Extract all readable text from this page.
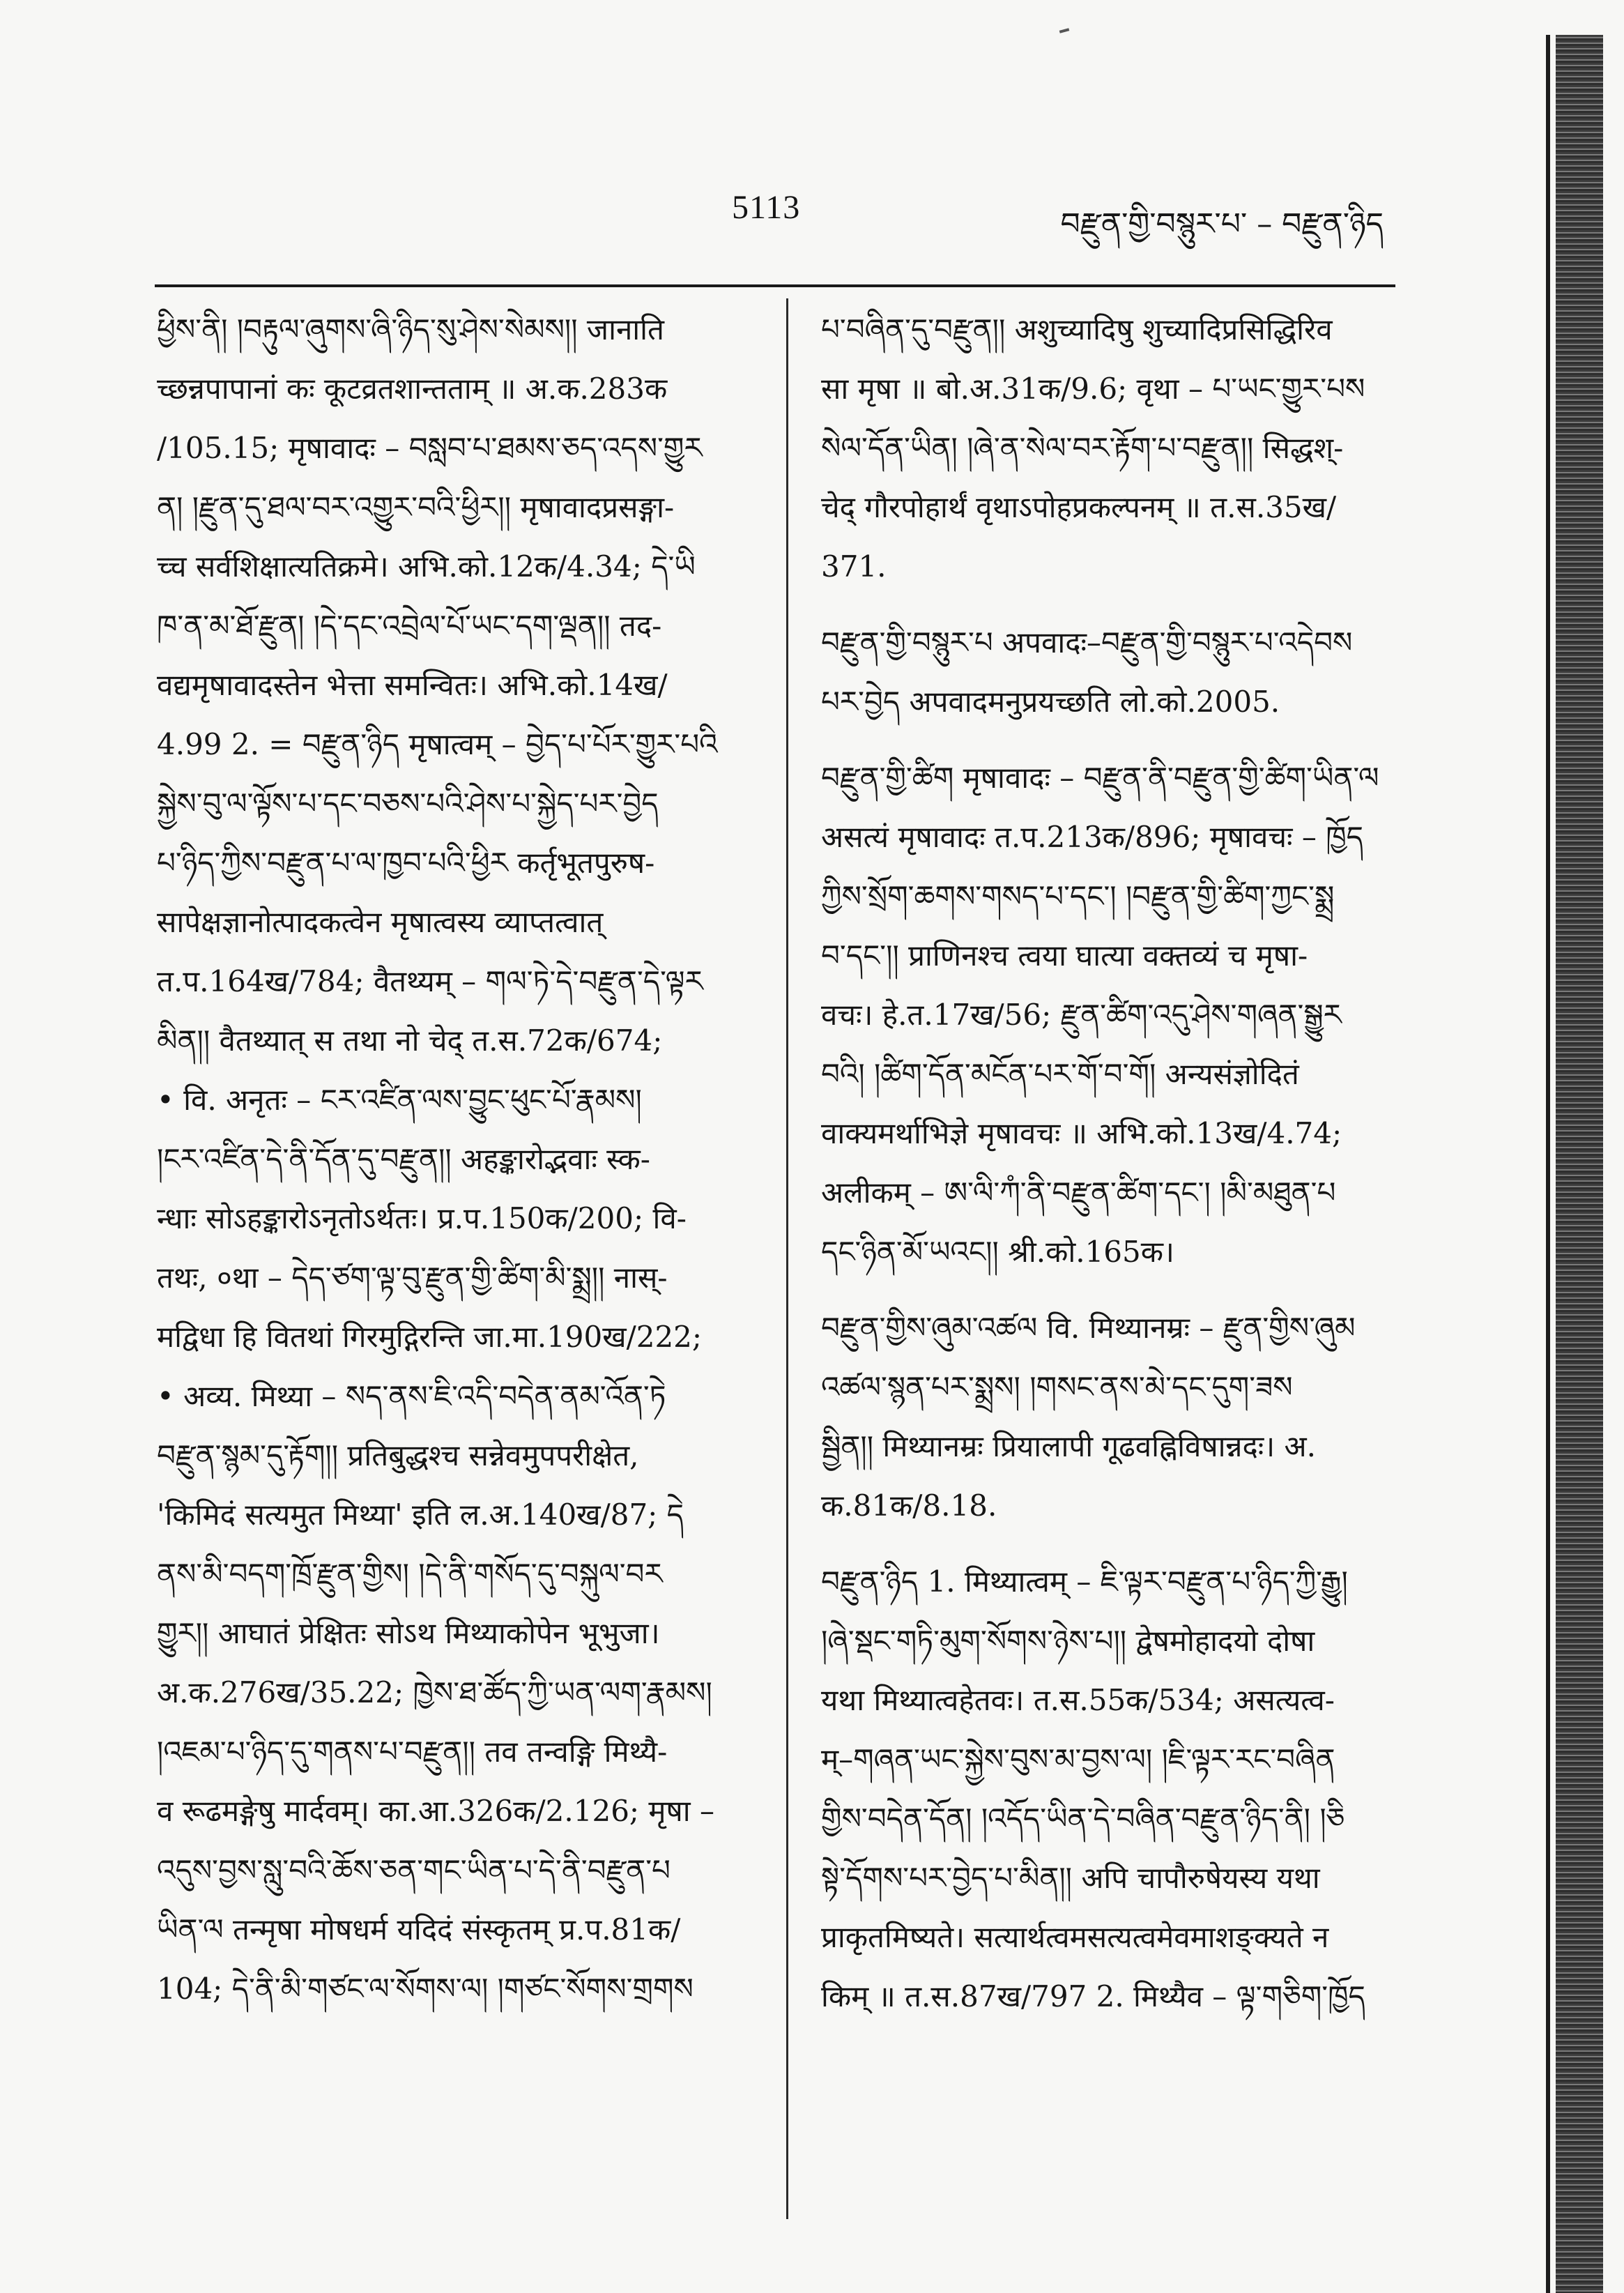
5113	བརྫུན་གྱི་བསྙུར་པ་ – བརྫུན་ཉིད
ཕྱིས་ནི། །བརྟུལ་ཞུགས་ཞི་ཉིད་སུ་ཤེས་སེམས།། जानाति
च्छन्नपापानां कः कूटव्रतशान्तताम् ॥ अ.क.283क
/105.15; मृषावादः – བསླབ་པ་ཐམས་ཅད་འདས་གྱུར
ན། །རྫུན་དུ་ཐལ་བར་འགྱུར་བའི་ཕྱིར།། मृषावादप्रसङ्गा-
च्च सर्वशिक्षात्यतिक्रमे। अभि.को.12क/4.34; དེ་ཡི
ཁ་ན་མ་ཐོ་རྫུན། །དེ་དང་འབྲེལ་པོ་ཡང་དག་ལྡན།། तद-
वद्यमृषावादस्तेन भेत्ता समन्वितः। अभि.को.14ख/
4.99 2. = བརྫུན་ཉིད मृषात्वम् – བྱེད་པ་པོར་གྱུར་པའི
སྐྱེས་བུ་ལ་ལྟོས་པ་དང་བཅས་པའི་ཤེས་པ་སྐྱེད་པར་བྱེད
པ་ཉིད་ཀྱིས་བརྫུན་པ་ལ་ཁྱབ་པའི་ཕྱིར कर्तृभूतपुरुष-
सापेक्षज्ञानोत्पादकत्वेन मृषात्वस्य व्याप्तत्वात्
त.प.164ख/784; वैतथ्यम् – གལ་ཏེ་དེ་བརྫུན་དེ་ལྟར
མིན།། वैतथ्यात् स तथा नो चेद् त.स.72क/674;
• वि. अनृतः – ངར་འཛིན་ལས་བྱུང་ཕུང་པོ་རྣམས།
།ངར་འཛིན་དེ་ནི་དོན་དུ་བརྫུན།། अहङ्कारोद्भवाः स्क-
न्धाः सोऽहङ्कारोऽनृतोऽर्थतः। प्र.प.150क/200; वि-
तथः, ०था – དེད་ཙག་ལྟ་བུ་རྫུན་གྱི་ཚིག་མི་སྨྲ།། नास्-
मद्विधा हि वितथां गिरमुद्गिरन्ति जा.मा.190ख/222;
• अव्य. मिथ्या – སད་ནས་ཇི་འདི་བདེན་ནམ་འོན་ཏེ
བརྫུན་སྙམ་དུ་རྟོག།། प्रतिबुद्धश्च सन्नेवमुपपरीक्षेत,
'किमिदं सत्यमुत मिथ्या' इति ल.अ.140ख/87; དེ
ནས་མི་བདག་ཁྲོ་རྫུན་གྱིས། །དེ་ནི་གསོད་དུ་བསྐུལ་བར
གྱུར།། आघातं प्रेक्षितः सोऽथ मिथ्याकोपेन भूभुजा।
अ.क.276ख/35.22; ཁྱེས་ཐ་ཚོད་ཀྱི་ཡན་ལག་རྣམས།
།འཇམ་པ་ཉིད་དུ་གནས་པ་བརྫུན།། तव तन्वङ्गि मिथ्यै-
व रूढमङ्गेषु मार्दवम्। का.आ.326क/2.126; मृषा –
འདུས་བྱས་སླུ་བའི་ཆོས་ཅན་གང་ཡིན་པ་དེ་ནི་བརྫུན་པ
ཡིན་ལ तन्मृषा मोषधर्म यदिदं संस्कृतम् प्र.प.81क/
104; དེ་ནི་མི་གཙང་ལ་སོགས་ལ། །གཙང་སོགས་གྲགས
པ་བཞིན་དུ་བརྫུན།། अशुच्यादिषु शुच्यादिप्रसिद्धिरिव
सा मृषा ॥ बो.अ.31क/9.6; वृथा – པ་ཡང་གྱུར་པས
སེལ་དོན་ཡིན། །ཞེ་ན་སེལ་བར་རྟོག་པ་བརྫུན།། सिद्धश्-
चेद् गौरपोहार्थं वृथाऽपोहप्रकल्पनम् ॥ त.स.35ख/
371.
བརྫུན་གྱི་བསྙུར་པ अपवादः–བརྫུན་གྱི་བསྙུར་པ་འདེབས
པར་བྱེད अपवादमनुप्रयच्छति लो.को.2005.
བརྫུན་གྱི་ཚིག मृषावादः – བརྫུན་ནི་བརྫུན་གྱི་ཚིག་ཡིན་ལ
असत्यं मृषावादः त.प.213क/896; मृषावचः – ཁྱོད
ཀྱིས་སྲོག་ཆགས་གསད་པ་དང་། །བརྫུན་གྱི་ཚིག་ཀྱང་སྨྲ
བ་དང་།། प्राणिनश्च त्वया घात्या वक्तव्यं च मृषा-
वचः। हे.त.17ख/56; རྫུན་ཚིག་འདུ་ཤེས་གཞན་སྒྱུར
བའི། །ཚིག་དོན་མངོན་པར་གོ་བ་གོ། अन्यसंज्ञोदितं
वाक्यमर्थाभिज्ञे मृषावचः ॥ अभि.को.13ख/4.74;
अलीकम् – ཨ་ལི་ཀཾ་ནི་བརྫུན་ཚིག་དང་། །མི་མཐུན་པ
དང་ཉིན་མོ་ཡའང།། श्री.को.165क।
བརྫུན་གྱིས་ཞུམ་འཚལ वि. मिथ्यानम्रः – རྫུན་གྱིས་ཞུམ
འཚལ་སྙན་པར་སྨྲས། །གསང་ནས་མེ་དང་དུག་ཟས
སྦྱིན།། मिथ्यानम्रः प्रियालापी गूढवह्निविषान्नदः। अ.
क.81क/8.18.
བརྫུན་ཉིད 1. मिथ्यात्वम् – ཇི་ལྟར་བརྫུན་པ་ཉིད་ཀྱི་རྒྱུ།
།ཞེ་སྡང་གཏི་མུག་སོགས་ཉེས་པ།། द्वेषमोहादयो दोषा
यथा मिथ्यात्वहेतवः। त.स.55क/534; असत्यत्व-
म्–གཞན་ཡང་སྐྱེས་བུས་མ་བྱས་ལ། །ཇི་ལྟར་རང་བཞིན
གྱིས་བདེན་དོན། །འདོད་ཡིན་དེ་བཞིན་བརྫུན་ཉིད་ནི། །ཅི
སྟེ་དོགས་པར་བྱེད་པ་མིན།། अपि चापौरुषेयस्य यथा
प्राकृतमिष्यते। सत्यार्थत्वमसत्यत्वमेवमाशङ्क्यते न
किम् ॥ त.स.87ख/797 2. मिथ्यैव – ལྟ་གཅིག་ཁྱོད
